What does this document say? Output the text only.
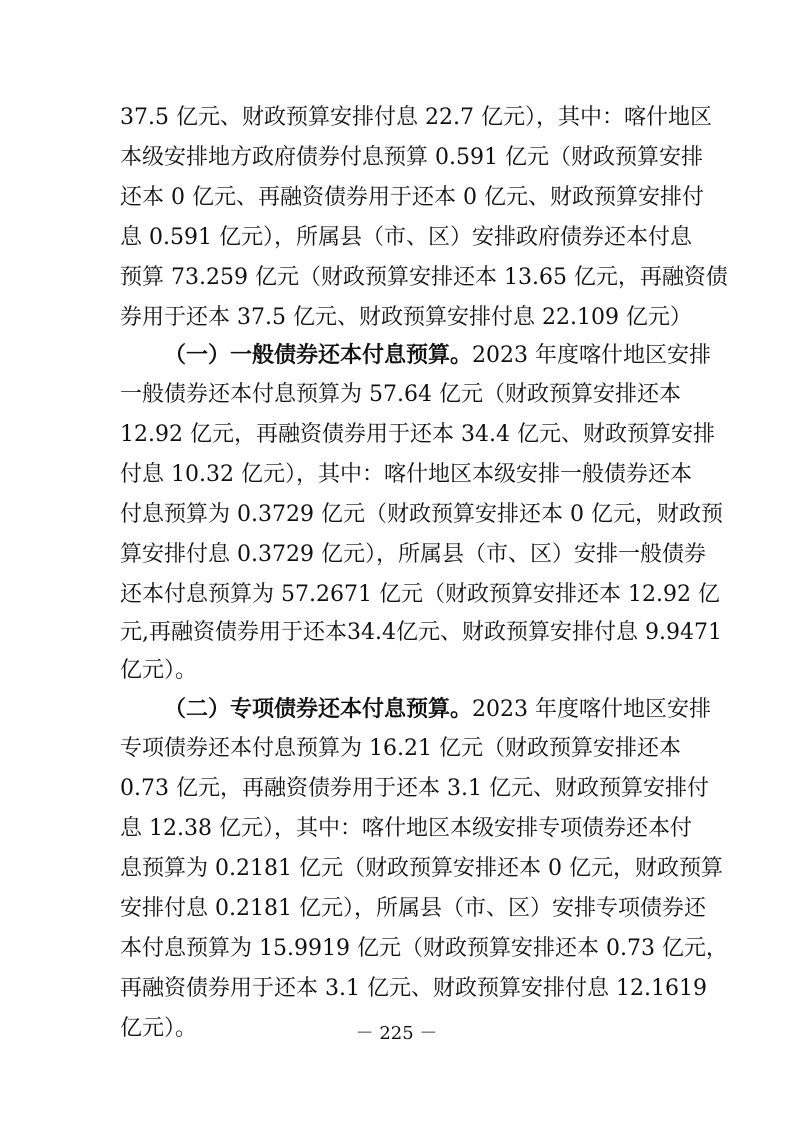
37.5 亿元、财政预算安排付息 22.7 亿元），其中：喀什地区
本级安排地方政府债券付息预算 0.591 亿元（财政预算安排
还本 0 亿元、再融资债券用于还本 0 亿元、财政预算安排付
息 0.591 亿元），所属县（市、区）安排政府债券还本付息
预算 73.259 亿元（财政预算安排还本 13.65 亿元，再融资债
券用于还本 37.5 亿元、财政预算安排付息 22.109 亿元）
（一）一般债券还本付息预算。2023 年度喀什地区安排
一般债券还本付息预算为 57.64 亿元（财政预算安排还本
12.92 亿元，再融资债券用于还本 34.4 亿元、财政预算安排
付息 10.32 亿元），其中：喀什地区本级安排一般债券还本
付息预算为 0.3729 亿元（财政预算安排还本 0 亿元，财政预
算安排付息 0.3729 亿元），所属县（市、区）安排一般债券
还本付息预算为 57.2671 亿元（财政预算安排还本 12.92 亿
元,再融资债券用于还本34.4亿元、财政预算安排付息 9.9471
亿元）。
（二）专项债券还本付息预算。2023 年度喀什地区安排
专项债券还本付息预算为 16.21 亿元（财政预算安排还本
0.73 亿元，再融资债券用于还本 3.1 亿元、财政预算安排付
息 12.38 亿元），其中：喀什地区本级安排专项债券还本付
息预算为 0.2181 亿元（财政预算安排还本 0 亿元，财政预算
安排付息 0.2181 亿元），所属县（市、区）安排专项债券还
本付息预算为 15.9919 亿元（财政预算安排还本 0.73 亿元，
再融资债券用于还本 3.1 亿元、财政预算安排付息 12.1619
亿元）。	－ 225 －
